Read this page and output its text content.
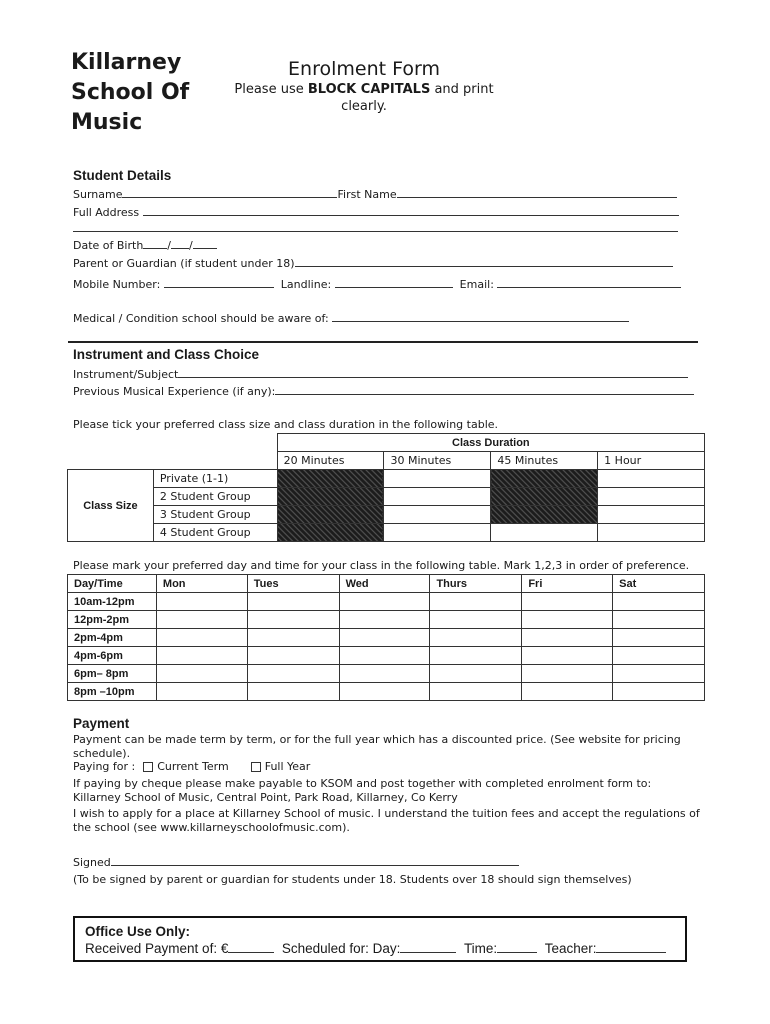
Killarney
School Of
Music
Enrolment Form
Please use BLOCK CAPITALS and print
clearly.
Student Details
Surname	First Name
Full Address
Date of Birth / /
Parent or Guardian (if student under 18)
Mobile Number:	Landline:	Email:
Medical / Condition school should be aware of:
Instrument and Class Choice
Instrument/Subject
Previous Musical Experience (if any):
Please tick your preferred class size and class duration in the following table.
		Class Duration			
		20 Minutes	30 Minutes	45 Minutes	1 Hour
Class Size	Private (1-1)				
	2 Student Group				
	3 Student Group				
	4 Student Group				
Please mark your preferred day and time for your class in the following table. Mark 1,2,3 in order of preference.
Day/Time	Mon	Tues	Wed	Thurs	Fri	Sat
10am-12pm						
12pm-2pm						
2pm-4pm						
4pm-6pm						
6pm– 8pm						
8pm –10pm						
Payment
Payment can be made term by term, or for the full year which has a discounted price. (See website for pricing schedule).
Paying for : Current Term	Full Year
If paying by cheque please make payable to KSOM and post together with completed enrolment form to: Killarney School of Music, Central Point, Park Road, Killarney, Co Kerry
I wish to apply for a place at Killarney School of music. I understand the tuition fees and accept the regulations of the school (see www.killarneyschoolofmusic.com).
Signed
(To be signed by parent or guardian for students under 18. Students over 18 should sign themselves)
Office Use Only:
Received Payment of: €	Scheduled for: Day:	Time:	Teacher:
